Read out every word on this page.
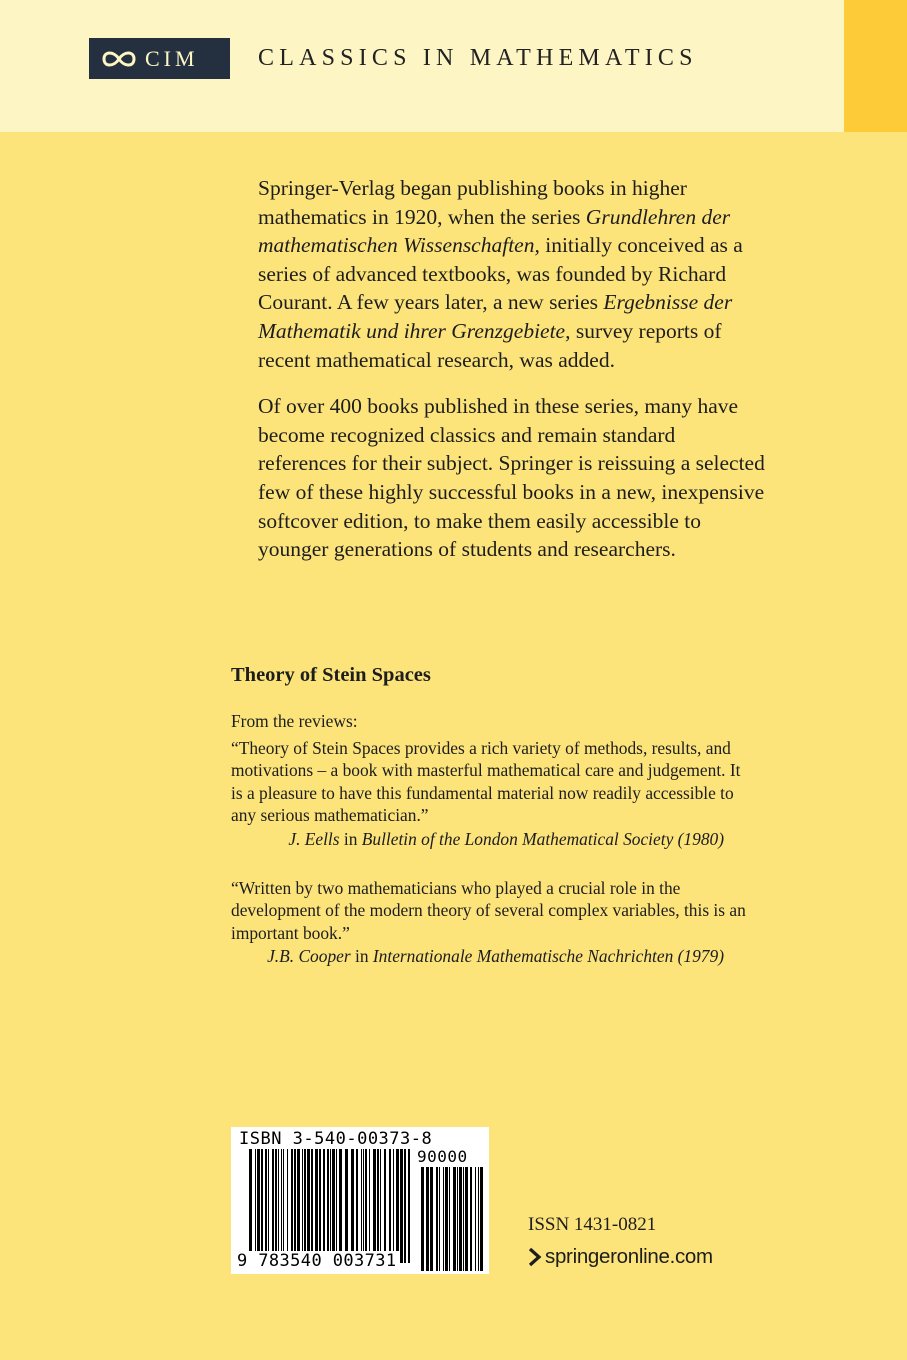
CIM CLASSICS IN MATHEMATICS

Springer-Verlag began publishing books in higher mathematics in 1920, when the series Grundlehren der mathematischen Wissenschaften, initially conceived as a series of advanced textbooks, was founded by Richard Courant. A few years later, a new series Ergebnisse der Mathematik und ihrer Grenzgebiete, survey reports of recent mathematical research, was added.

Of over 400 books published in these series, many have become recognized classics and remain standard references for their subject. Springer is reissuing a selected few of these highly successful books in a new, inexpensive softcover edition, to make them easily accessible to younger generations of students and researchers.

Theory of Stein Spaces

From the reviews:

“Theory of Stein Spaces provides a rich variety of methods, results, and motivations – a book with masterful mathematical care and judgement. It is a pleasure to have this fundamental material now readily accessible to any serious mathematician.”

J. Eells in Bulletin of the London Mathematical Society (1980)

“Written by two mathematicians who played a crucial role in the development of the modern theory of several complex variables, this is an important book.”

J.B. Cooper in Internationale Mathematische Nachrichten (1979)

ISBN 3-540-00373-8
90000
9 783540 003731
ISSN 1431-0821
springeronline.com
